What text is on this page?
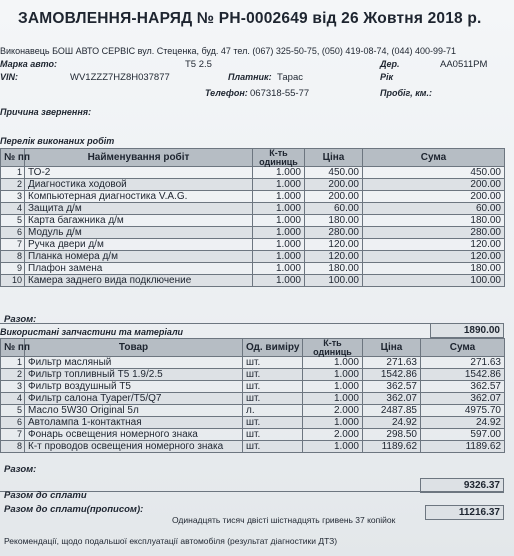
ЗАМОВЛЕННЯ-НАРЯД № РН-0002649 від 26 Жовтня 2018 р.
Виконавець БОШ АВТО СЕРВІС вул. Стеценка, буд. 47 тел. (067) 325-50-75, (050) 419-08-74, (044) 400-99-71
Марка авто:	T5 2.5	Дер.	AA0511PM
VIN:	WV1ZZZ7HZ8H037877	Платник: Тарас	Рік
Телефон: 067318-55-77	Пробіг, км.:
Причина звернення:
Перелік виконаних робіт
№ пп	Найменування робіт	К-ть одиниць	Ціна	Сума
1	ТО-2	1.000	450.00	450.00
2	Диагностика ходовой	1.000	200.00	200.00
3	Компьютерная диагностика V.A.G.	1.000	200.00	200.00
4	Защита д/м	1.000	60.00	60.00
5	Карта багажника д/м	1.000	180.00	180.00
6	Модуль д/м	1.000	280.00	280.00
7	Ручка двери д/м	1.000	120.00	120.00
8	Планка номера д/м	1.000	120.00	120.00
9	Плафон замена	1.000	180.00	180.00
10	Камера заднего вида подключение	1.000	100.00	100.00
Разом:
1890.00
Використані запчастини та матеріали
№ пп	Товар	Од. виміру	К-ть одиниць	Ціна	Сума
1	Фильтр масляный	шт.	1.000	271.63	271.63
2	Фильтр топливный T5 1.9/2.5	шт.	1.000	1542.86	1542.86
3	Фильтр воздушный T5	шт.	1.000	362.57	362.57
4	Фильтр салона Tyaper/T5/Q7	шт.	1.000	362.07	362.07
5	Масло 5W30 Original 5л	л.	2.000	2487.85	4975.70
6	Автолампа 1-контактная	шт.	1.000	24.92	24.92
7	Фонарь освещения номерного знака	шт.	2.000	298.50	597.00
8	К-т проводов освещения номерного знака	шт.	1.000	1189.62	1189.62
Разом:
9326.37
Разом до сплати
Разом до сплати(прописом):
Одинадцять тисяч двісті шістнадцять гривень 37 копійок
11216.37
Рекомендації, щодо подальшої експлуатації автомобіля (результат діагностики ДТЗ)
